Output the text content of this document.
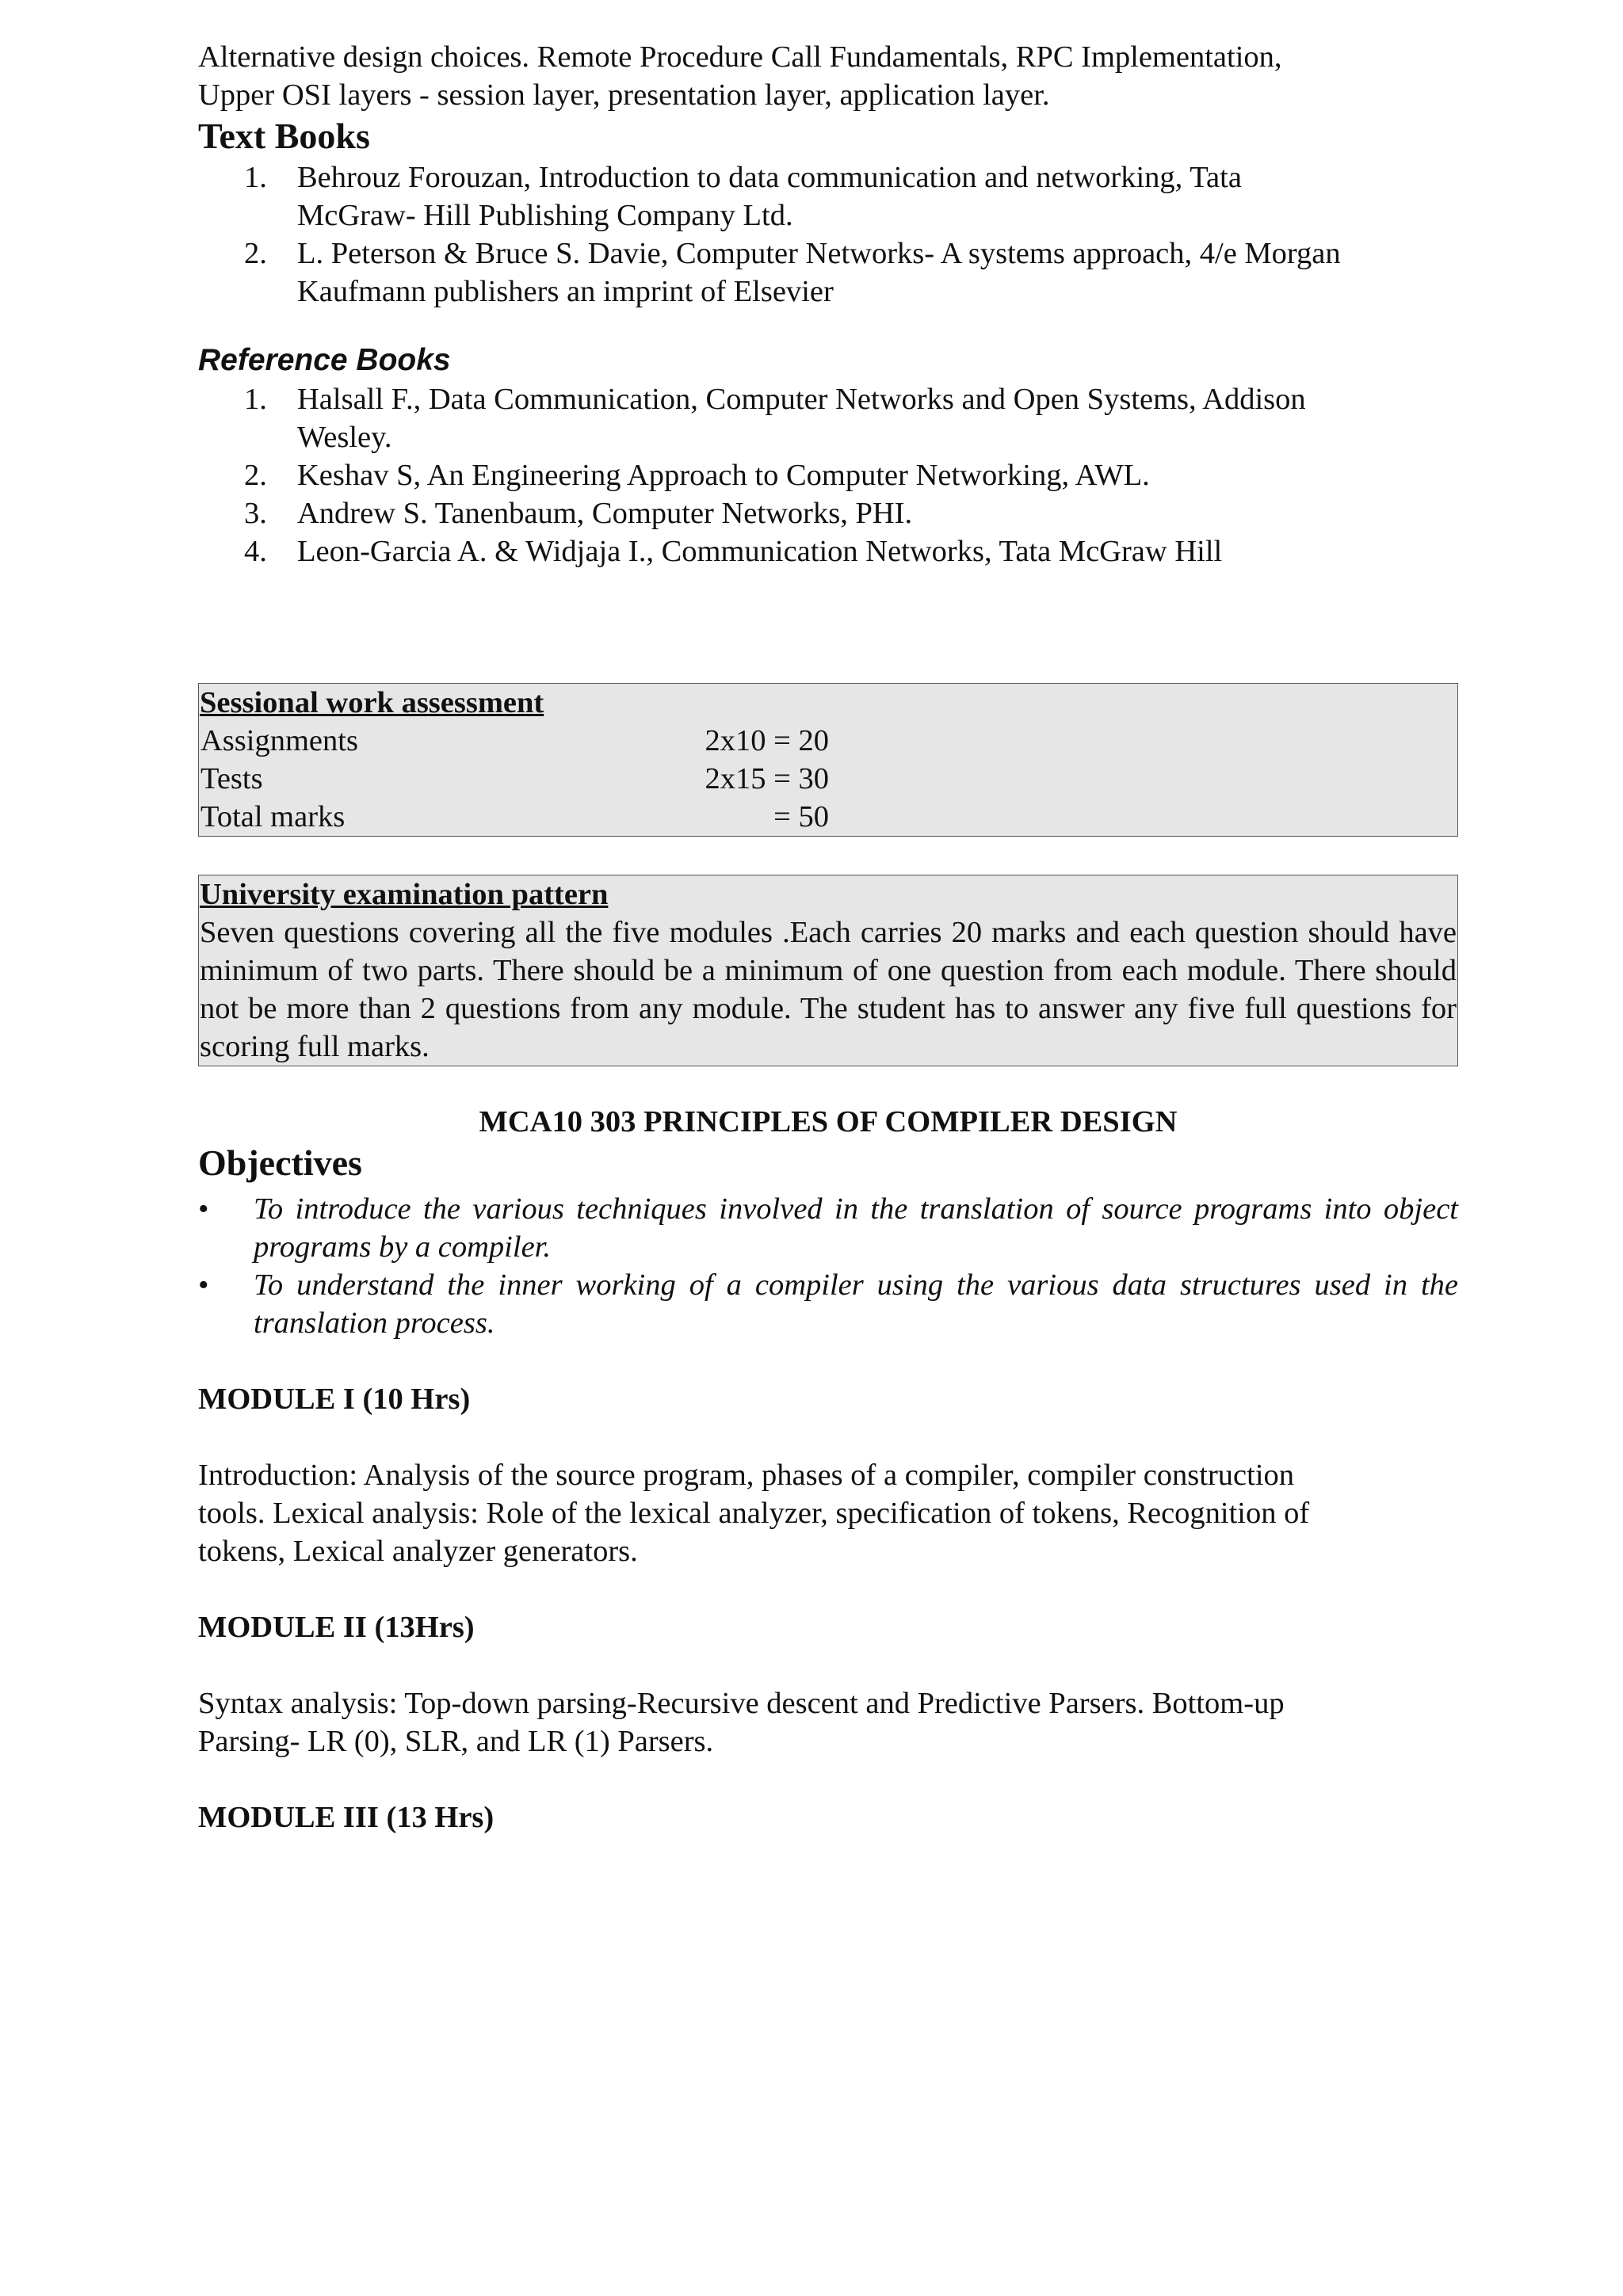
Alternative design choices. Remote Procedure Call Fundamentals, RPC Implementation,

Upper OSI layers - session layer, presentation layer, application layer.

Text Books
1. Behrouz Forouzan, Introduction to data communication and networking, Tata
McGraw- Hill Publishing Company Ltd.
2. L. Peterson & Bruce S. Davie, Computer Networks- A systems approach, 4/e Morgan
Kaufmann publishers an imprint of Elsevier
Reference Books
1. Halsall F., Data Communication, Computer Networks and Open Systems, Addison
Wesley.
2. Keshav S, An Engineering Approach to Computer Networking, AWL.
3. Andrew S. Tanenbaum, Computer Networks, PHI.
4. Leon-Garcia A. & Widjaja I., Communication Networks, Tata McGraw Hill
Sessional work assessment
Assignments	2x10 = 20
Tests	2x15 = 30
Total marks	= 50
University examination pattern
Seven questions covering all the five modules .Each carries 20 marks and each question should have minimum of two parts. There should be a minimum of one question from each module. There should not be more than 2 questions from any module. The student has to answer any five full questions for scoring full marks.
MCA10 303 PRINCIPLES OF COMPILER DESIGN
Objectives
• To introduce the various techniques involved in the translation of source programs into object programs by a compiler.
• To understand the inner working of a compiler using the various data structures used in the translation process.
MODULE I (10 Hrs)

Introduction: Analysis of the source program, phases of a compiler, compiler construction

tools. Lexical analysis: Role of the lexical analyzer, specification of tokens, Recognition of

tokens, Lexical analyzer generators.

MODULE II (13Hrs)

Syntax analysis: Top-down parsing-Recursive descent and Predictive Parsers. Bottom-up

Parsing- LR (0), SLR, and LR (1) Parsers.

MODULE III (13 Hrs)
